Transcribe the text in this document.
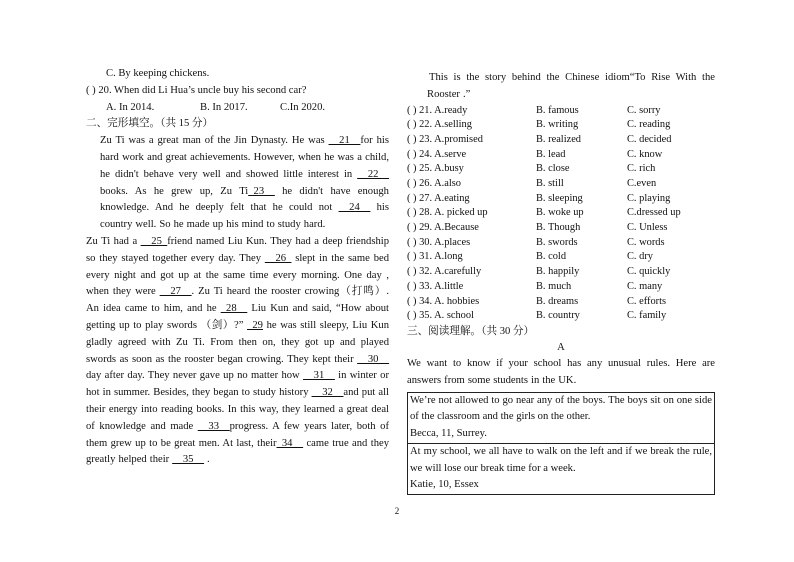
C. By keeping chickens.
( ) 20. When did Li Hua’s uncle buy his second car?
A. In 2014.	B. In 2017.	C.In 2020.
二、完形填空。（共 15 分）
Zu Ti was a great man of the Jin Dynasty. He was __21__for his hard work and great achievements. However, when he was a child, he didn't behave very well and showed little interest in __22__ books. As he grew up, Zu Ti_23__ he didn't have enough knowledge. And he deeply felt that he could not __24__ his country well. So he made up his mind to study hard.
Zu Ti had a __25_friend named Liu Kun. They had a deep friendship so they stayed together every day. They __26_ slept in the same bed every night and got up at the same time every morning. One day , when they were __27__. Zu Ti heard the rooster crowing（打鸣）. An idea came to him, and he _28__ Liu Kun and said, “How about getting up to play swords （剑）?” _29 he was still sleepy, Liu Kun gladly agreed with Zu Ti. From then on, they got up and played swords as soon as the rooster began crowing. They kept their __30__ day after day. They never gave up no matter how __31__ in winter or hot in summer. Besides, they began to study history __32__and put all their energy into reading books. In this way, they learned a great deal of knowledge and made __33__progress. A few years later, both of them grew up to be great men. At last, their_34__ came true and they greatly helped their __35__ .
This is the story behind the Chinese idiom“To Rise With the Rooster .”
( ) 21. A.ready	B. famous	C. sorry
( ) 22. A.selling	B. writing	C. reading
( ) 23. A.promised	B. realized	C. decided
( ) 24. A.serve	B. lead	C. know
( ) 25. A.busy	B. close	C. rich
( ) 26. A.also	B. still	C.even
( ) 27. A.eating	B. sleeping	C. playing
( ) 28. A. picked up	B. woke up	C.dressed up
( ) 29. A.Because	B. Though	C. Unless
( ) 30. A.places	B. swords	C. words
( ) 31. A.long	B. cold	C. dry
( ) 32. A.carefully	B. happily	C. quickly
( ) 33. A.little	B. much	C. many
( ) 34. A. hobbies	B. dreams	C. efforts
( ) 35. A. school	B. country	C. family
三、阅读理解。（共 30 分）
A
We want to know if your school has any unusual rules. Here are answers from some students in the UK.
We’re not allowed to go near any of the boys. The boys sit on one side of the classroom and the girls on the other.
Becca, 11, Surrey.
At my school, we all have to walk on the left and if we break the rule, we will lose our break time for a week.
Katie, 10, Essex
2
